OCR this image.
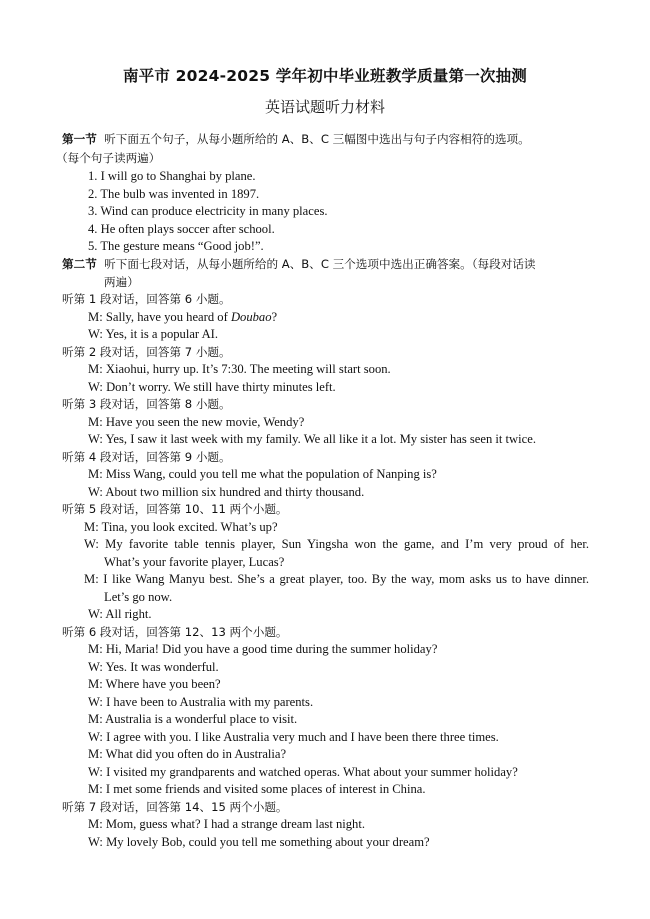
南平市 2024-2025 学年初中毕业班教学质量第一次抽测
英语试题听力材料
第一节 听下面五个句子，从每小题所给的 A、B、C 三幅图中选出与句子内容相符的选项。
（每个句子读两遍）
1. I will go to Shanghai by plane.
2. The bulb was invented in 1897.
3. Wind can produce electricity in many places.
4. He often plays soccer after school.
5. The gesture means “Good job!”.
第二节 听下面七段对话，从每小题所给的 A、B、C 三个选项中选出正确答案。（每段对话读
两遍）
听第 1 段对话，回答第 6 小题。
M: Sally, have you heard of Doubao?
W: Yes, it is a popular AI.
听第 2 段对话，回答第 7 小题。
M: Xiaohui, hurry up. It’s 7:30. The meeting will start soon.
W: Don’t worry. We still have thirty minutes left.
听第 3 段对话，回答第 8 小题。
M: Have you seen the new movie, Wendy?
W: Yes, I saw it last week with my family. We all like it a lot. My sister has seen it twice.
听第 4 段对话，回答第 9 小题。
M: Miss Wang, could you tell me what the population of Nanping is?
W: About two million six hundred and thirty thousand.
听第 5 段对话，回答第 10、11 两个小题。
M: Tina, you look excited. What’s up?
W: My favorite table tennis player, Sun Yingsha won the game, and I’m very proud of her.
What’s your favorite player, Lucas?
M: I like Wang Manyu best. She’s a great player, too. By the way, mom asks us to have dinner.
Let’s go now.
W: All right.
听第 6 段对话，回答第 12、13 两个小题。
M: Hi, Maria! Did you have a good time during the summer holiday?
W: Yes. It was wonderful.
M: Where have you been?
W: I have been to Australia with my parents.
M: Australia is a wonderful place to visit.
W: I agree with you. I like Australia very much and I have been there three times.
M: What did you often do in Australia?
W: I visited my grandparents and watched operas. What about your summer holiday?
M: I met some friends and visited some places of interest in China.
听第 7 段对话，回答第 14、15 两个小题。
M: Mom, guess what? I had a strange dream last night.
W: My lovely Bob, could you tell me something about your dream?
